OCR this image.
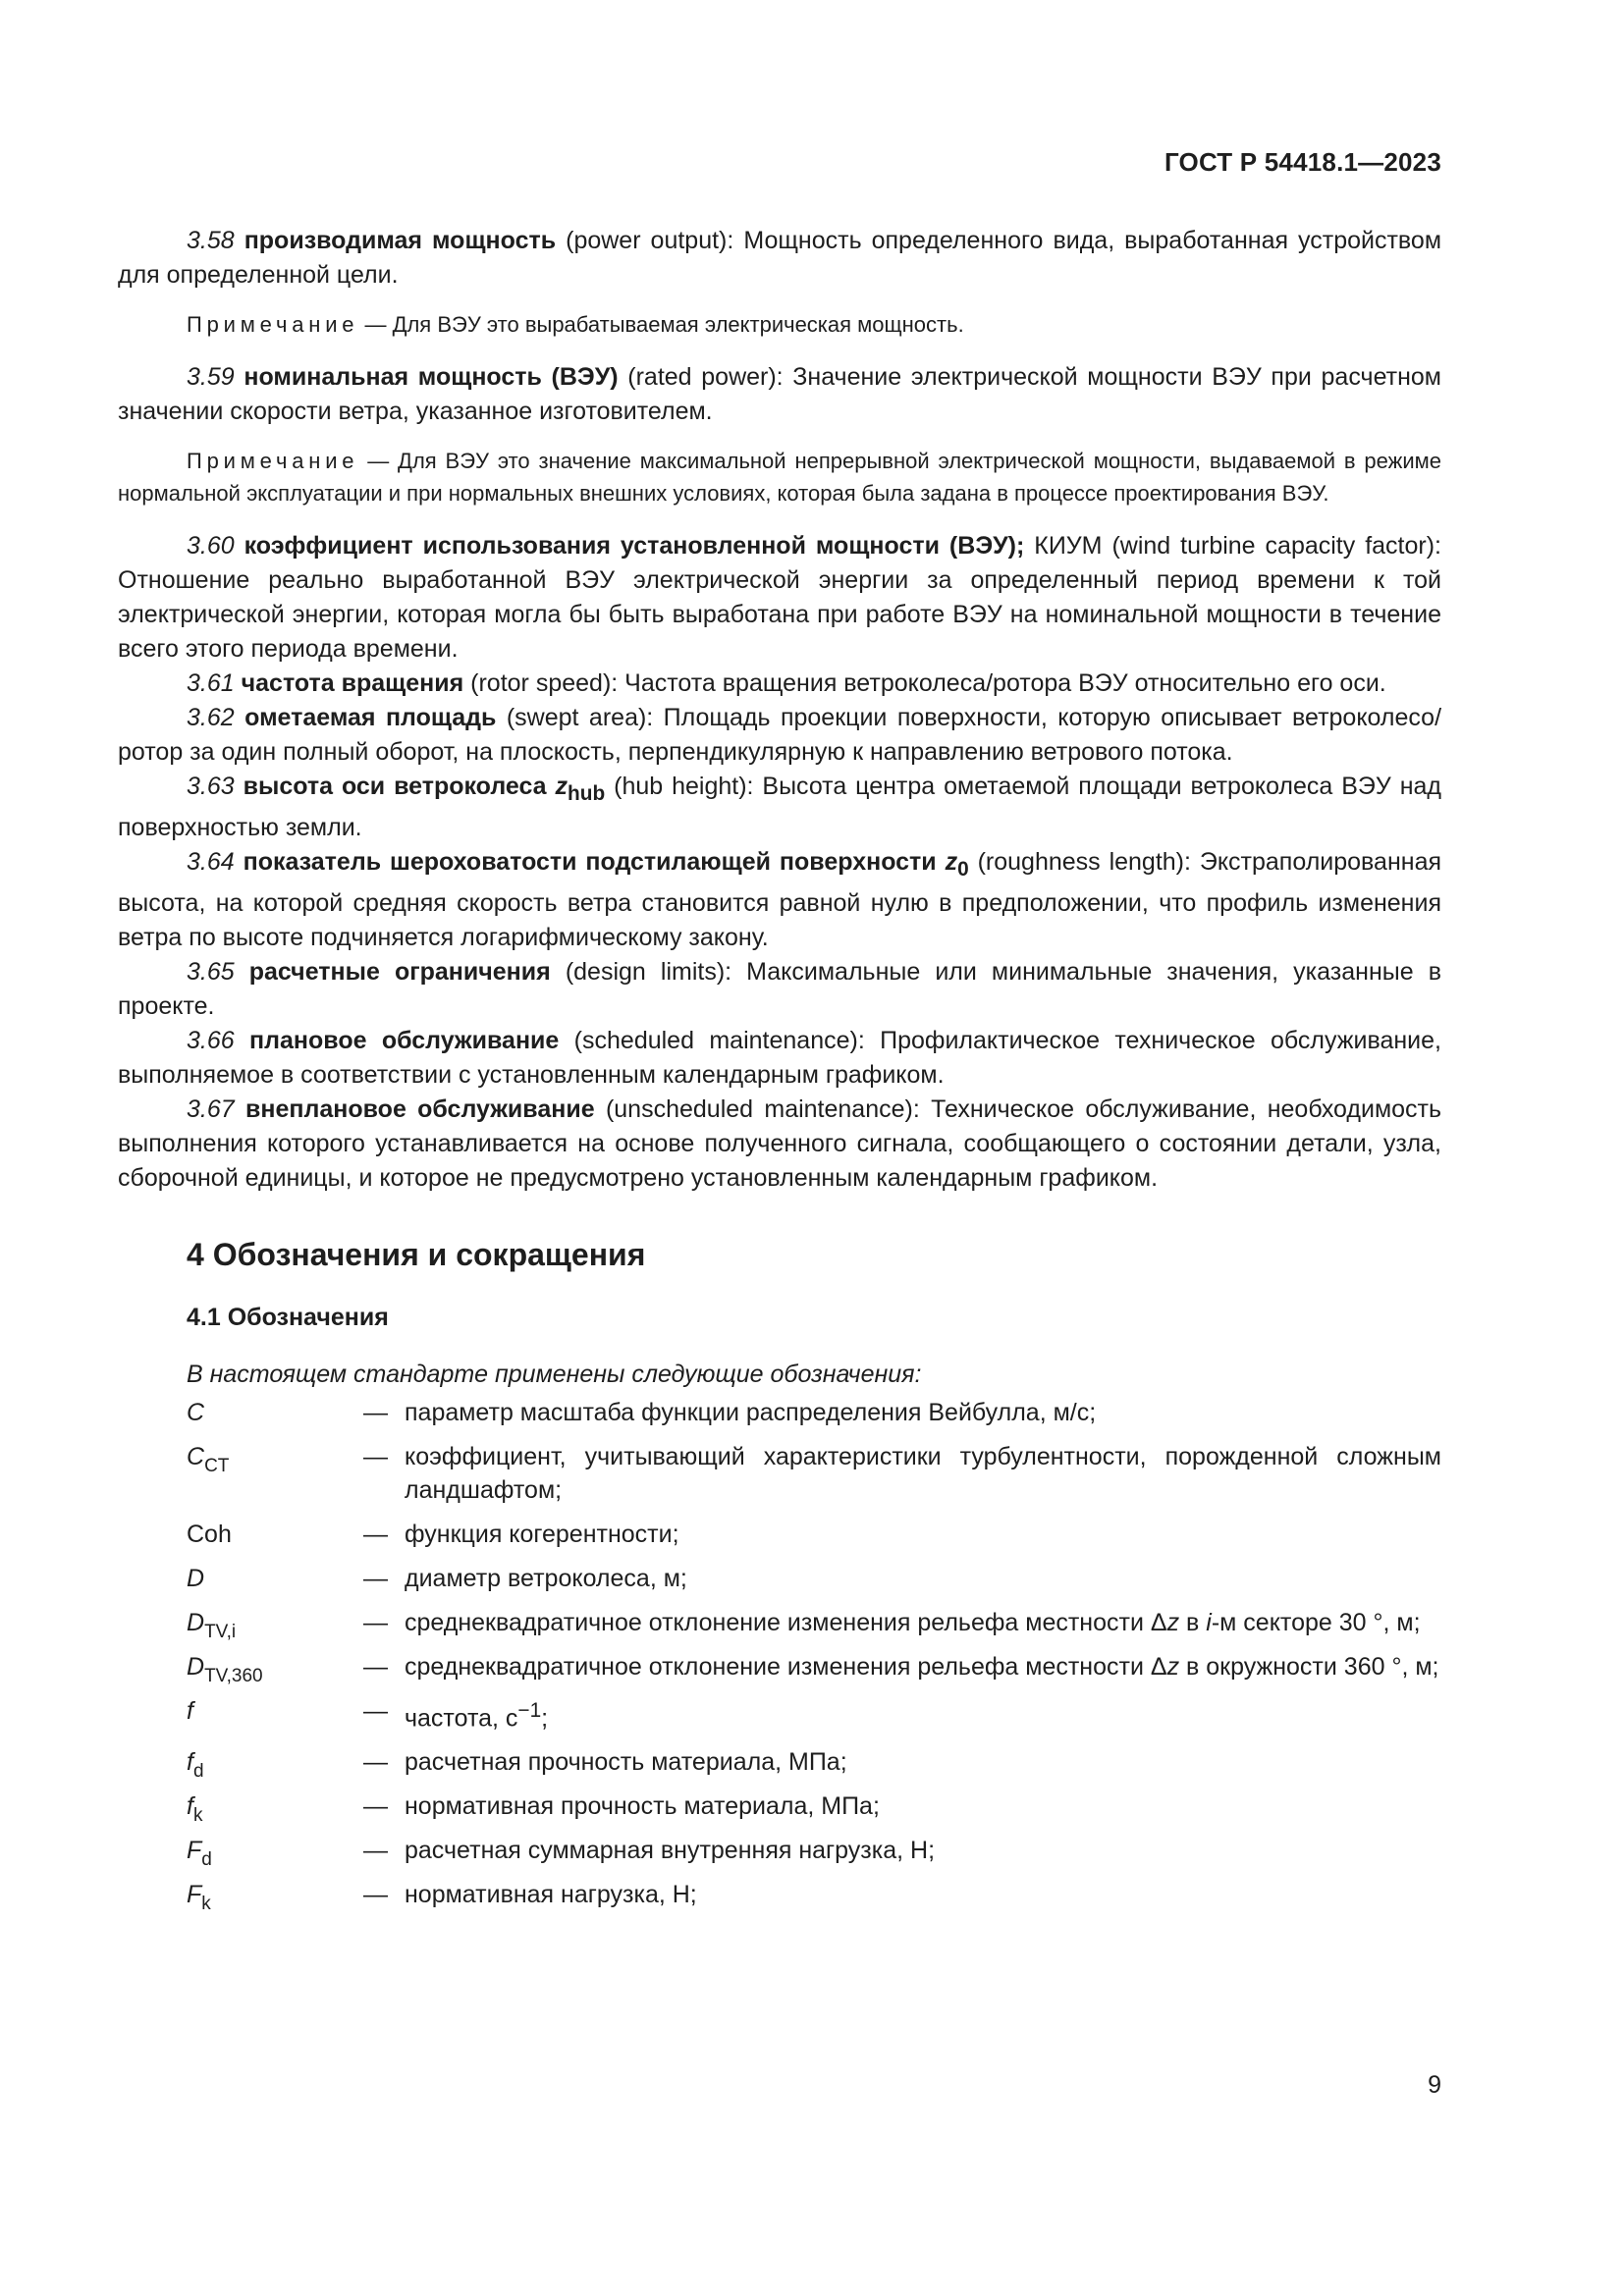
ГОСТ Р 54418.1—2023

3.58 производимая мощность (power output): Мощность определенного вида, выработанная устройством для определенной цели.

Примечание — Для ВЭУ это вырабатываемая электрическая мощность.

3.59 номинальная мощность (ВЭУ) (rated power): Значение электрической мощности ВЭУ при расчетном значении скорости ветра, указанное изготовителем.

Примечание — Для ВЭУ это значение максимальной непрерывной электрической мощности, выдаваемой в режиме нормальной эксплуатации и при нормальных внешних условиях, которая была задана в процессе проектирования ВЭУ.

3.60 коэффициент использования установленной мощности (ВЭУ); КИУМ (wind turbine capacity factor): Отношение реально выработанной ВЭУ электрической энергии за определенный период времени к той электрической энергии, которая могла бы быть выработана при работе ВЭУ на номинальной мощности в течение всего этого периода времени.

3.61 частота вращения (rotor speed): Частота вращения ветроколеса/ротора ВЭУ относительно его оси.

3.62 ометаемая площадь (swept area): Площадь проекции поверхности, которую описывает ветроколесо/ротор за один полный оборот, на плоскость, перпендикулярную к направлению ветрового потока.

3.63 высота оси ветроколеса $z_{hub}$ (hub height): Высота центра ометаемой площади ветроколеса ВЭУ над поверхностью земли.

3.64 показатель шероховатости подстилающей поверхности $z_0$ (roughness length): Экстраполированная высота, на которой средняя скорость ветра становится равной нулю в предположении, что профиль изменения ветра по высоте подчиняется логарифмическому закону.

3.65 расчетные ограничения (design limits): Максимальные или минимальные значения, указанные в проекте.

3.66 плановое обслуживание (scheduled maintenance): Профилактическое техническое обслуживание, выполняемое в соответствии с установленным календарным графиком.

3.67 внеплановое обслуживание (unscheduled maintenance): Техническое обслуживание, необходимость выполнения которого устанавливается на основе полученного сигнала, сообщающего о состоянии детали, узла, сборочной единицы, и которое не предусмотрено установленным календарным графиком.

4 Обозначения и сокращения
4.1 Обозначения
В настоящем стандарте применены следующие обозначения:
C	— параметр масштаба функции распределения Вейбулла, м/с;
$C_{CT}$	— коэффициент, учитывающий характеристики турбулентности, порожденной сложным ландшафтом;
Coh	— функция когерентности;
D	— диаметр ветроколеса, м;
$D_{TV,i}$	— среднеквадратичное отклонение изменения рельефа местности Δz в i-м секторе 30 °, м;
$D_{TV,360}$	— среднеквадратичное отклонение изменения рельефа местности Δz в окружности 360 °, м;
f	— частота, $с^{-1}$;
$f_d$	— расчетная прочность материала, МПа;
$f_k$	— нормативная прочность материала, МПа;
$F_d$	— расчетная суммарная внутренняя нагрузка, Н;
$F_k$	— нормативная нагрузка, Н;
9
